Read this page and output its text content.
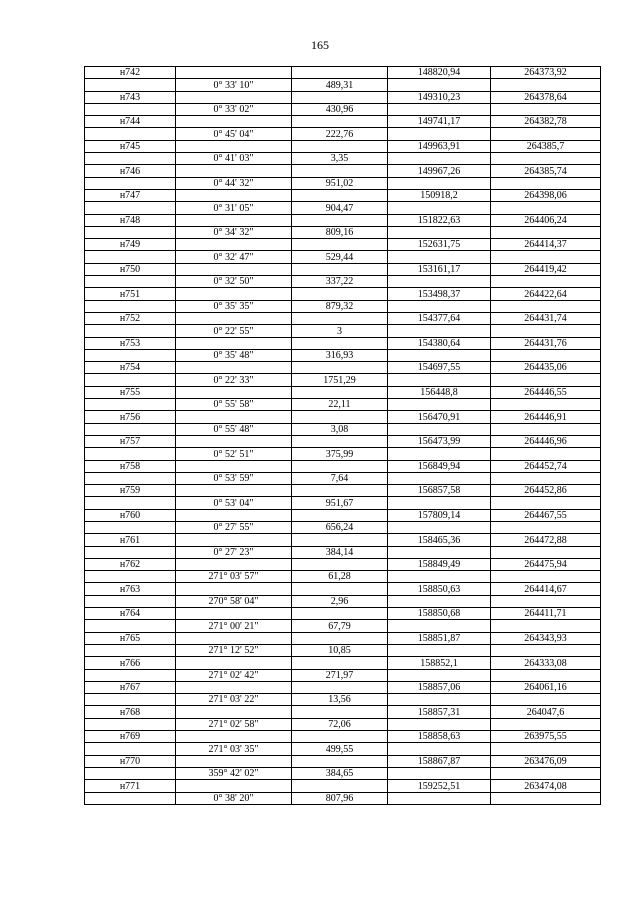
165
н742			148820,94	264373,92
	0° 33' 10"	489,31		
н743			149310,23	264378,64
	0° 33' 02"	430,96		
н744			149741,17	264382,78
	0° 45' 04"	222,76		
н745			149963,91	264385,7
	0° 41' 03"	3,35		
н746			149967,26	264385,74
	0° 44' 32"	951,02		
н747			150918,2	264398,06
	0° 31' 05"	904,47		
н748			151822,63	264406,24
	0° 34' 32"	809,16		
н749			152631,75	264414,37
	0° 32' 47"	529,44		
н750			153161,17	264419,42
	0° 32' 50"	337,22		
н751			153498,37	264422,64
	0° 35' 35"	879,32		
н752			154377,64	264431,74
	0° 22' 55"	3		
н753			154380,64	264431,76
	0° 35' 48"	316,93		
н754			154697,55	264435,06
	0° 22' 33"	1751,29		
н755			156448,8	264446,55
	0° 55' 58"	22,11		
н756			156470,91	264446,91
	0° 55' 48"	3,08		
н757			156473,99	264446,96
	0° 52' 51"	375,99		
н758			156849,94	264452,74
	0° 53' 59"	7,64		
н759			156857,58	264452,86
	0° 53' 04"	951,67		
н760			157809,14	264467,55
	0° 27' 55"	656,24		
н761			158465,36	264472,88
	0° 27' 23"	384,14		
н762			158849,49	264475,94
	271° 03' 57"	61,28		
н763			158850,63	264414,67
	270° 58' 04"	2,96		
н764			158850,68	264411,71
	271° 00' 21"	67,79		
н765			158851,87	264343,93
	271° 12' 52"	10,85		
н766			158852,1	264333,08
	271° 02' 42"	271,97		
н767			158857,06	264061,16
	271° 03' 22"	13,56		
н768			158857,31	264047,6
	271° 02' 58"	72,06		
н769			158858,63	263975,55
	271° 03' 35"	499,55		
н770			158867,87	263476,09
	359° 42' 02"	384,65		
н771			159252,51	263474,08
	0° 38' 20"	807,96		
